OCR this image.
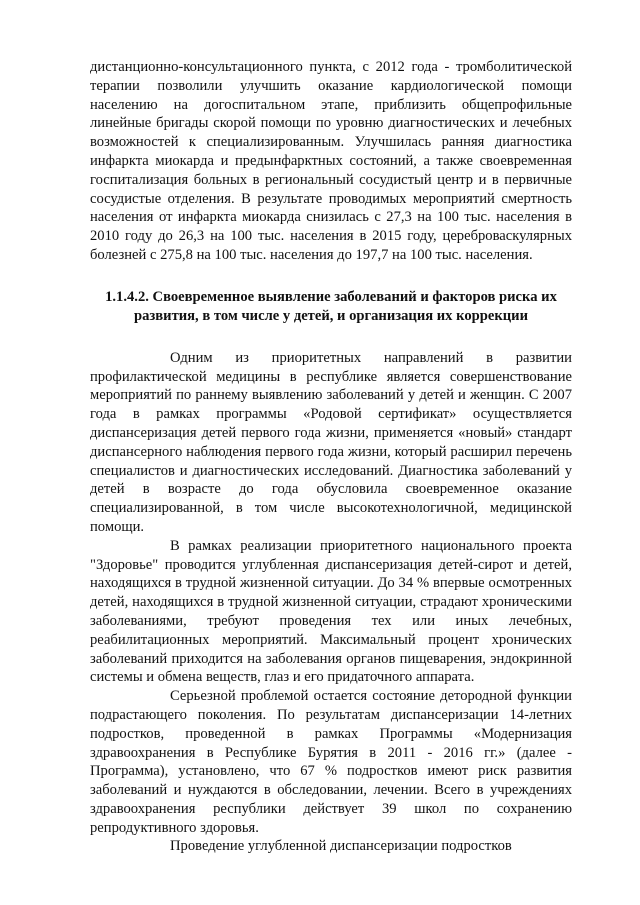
дистанционно-консультационного пункта, с 2012 года - тромболитической терапии позволили улучшить оказание кардиологической помощи населению на догоспитальном этапе, приблизить общепрофильные линейные бригады скорой помощи по уровню диагностических и лечебных возможностей к специализированным. Улучшилась ранняя диагностика инфаркта миокарда и предынфарктных состояний, а также своевременная госпитализация больных в региональный сосудистый центр и в первичные сосудистые отделения. В результате проводимых мероприятий смертность населения от инфаркта миокарда снизилась с 27,3 на 100 тыс. населения в 2010 году до 26,3 на 100 тыс. населения в 2015 году, цереброваскулярных болезней с 275,8 на 100 тыс. населения до 197,7 на 100 тыс. населения.

1.1.4.2. Своевременное выявление заболеваний и факторов риска их развития, в том числе у детей, и организация их коррекции

Одним из приоритетных направлений в развитии профилактической медицины в республике является совершенствование мероприятий по раннему выявлению заболеваний у детей и женщин. С 2007 года в рамках программы «Родовой сертификат» осуществляется диспансеризация детей первого года жизни, применяется «новый» стандарт диспансерного наблюдения первого года жизни, который расширил перечень специалистов и диагностических исследований. Диагностика заболеваний у детей в возрасте до года обусловила своевременное оказание специализированной, в том числе высокотехнологичной, медицинской помощи.

В рамках реализации приоритетного национального проекта "Здоровье" проводится углубленная диспансеризация детей-сирот и детей, находящихся в трудной жизненной ситуации. До 34 % впервые осмотренных детей, находящихся в трудной жизненной ситуации, страдают хроническими заболеваниями, требуют проведения тех или иных лечебных, реабилитационных мероприятий. Максимальный процент хронических заболеваний приходится на заболевания органов пищеварения, эндокринной системы и обмена веществ, глаз и его придаточного аппарата.

Серьезной проблемой остается состояние детородной функции подрастающего поколения. По результатам диспансеризации 14-летних подростков, проведенной в рамках Программы «Модернизация здравоохранения в Республике Бурятия в 2011 - 2016 гг.» (далее - Программа), установлено, что 67 % подростков имеют риск развития заболеваний и нуждаются в обследовании, лечении. Всего в учреждениях здравоохранения республики действует 39 школ по сохранению репродуктивного здоровья.

Проведение углубленной диспансеризации подростков
